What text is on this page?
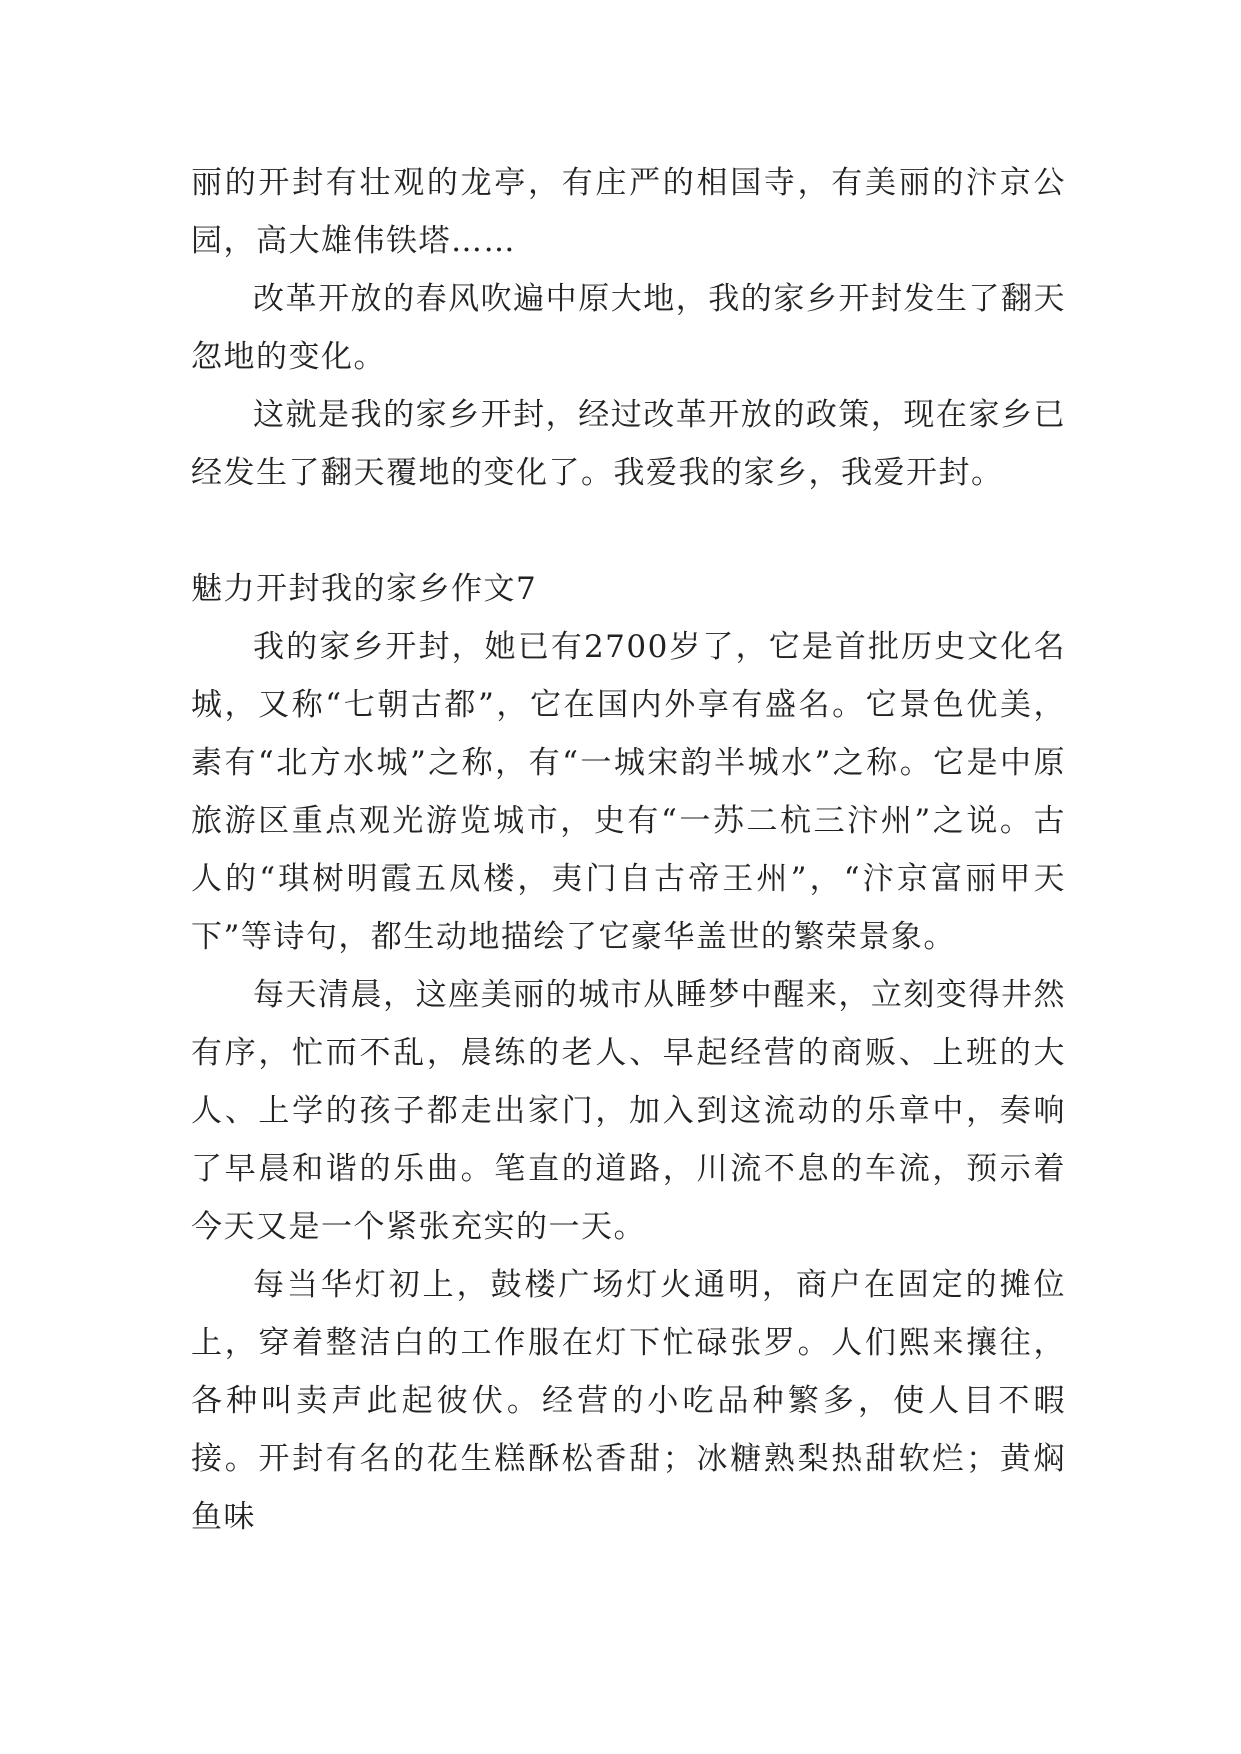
丽的开封有壮观的龙亭，有庄严的相国寺，有美丽的汴京公园，高大雄伟铁塔……

改革开放的春风吹遍中原大地，我的家乡开封发生了翻天忽地的变化。

这就是我的家乡开封，经过改革开放的政策，现在家乡已经发生了翻天覆地的变化了。我爱我的家乡，我爱开封。

魅力开封我的家乡作文7

我的家乡开封，她已有2700岁了，它是首批历史文化名城，又称“七朝古都”，它在国内外享有盛名。它景色优美，素有“北方水城”之称，有“一城宋韵半城水”之称。它是中原旅游区重点观光游览城市，史有“一苏二杭三汴州”之说。古人的“琪树明霞五凤楼，夷门自古帝王州”，“汴京富丽甲天下”等诗句，都生动地描绘了它豪华盖世的繁荣景象。

每天清晨，这座美丽的城市从睡梦中醒来，立刻变得井然有序，忙而不乱，晨练的老人、早起经营的商贩、上班的大人、上学的孩子都走出家门，加入到这流动的乐章中，奏响了早晨和谐的乐曲。笔直的道路，川流不息的车流，预示着今天又是一个紧张充实的一天。

每当华灯初上，鼓楼广场灯火通明，商户在固定的摊位上，穿着整洁白的工作服在灯下忙碌张罗。人们熙来攘往，各种叫卖声此起彼伏。经营的小吃品种繁多，使人目不暇接。开封有名的花生糕酥松香甜；冰糖熟梨热甜软烂；黄焖鱼味
